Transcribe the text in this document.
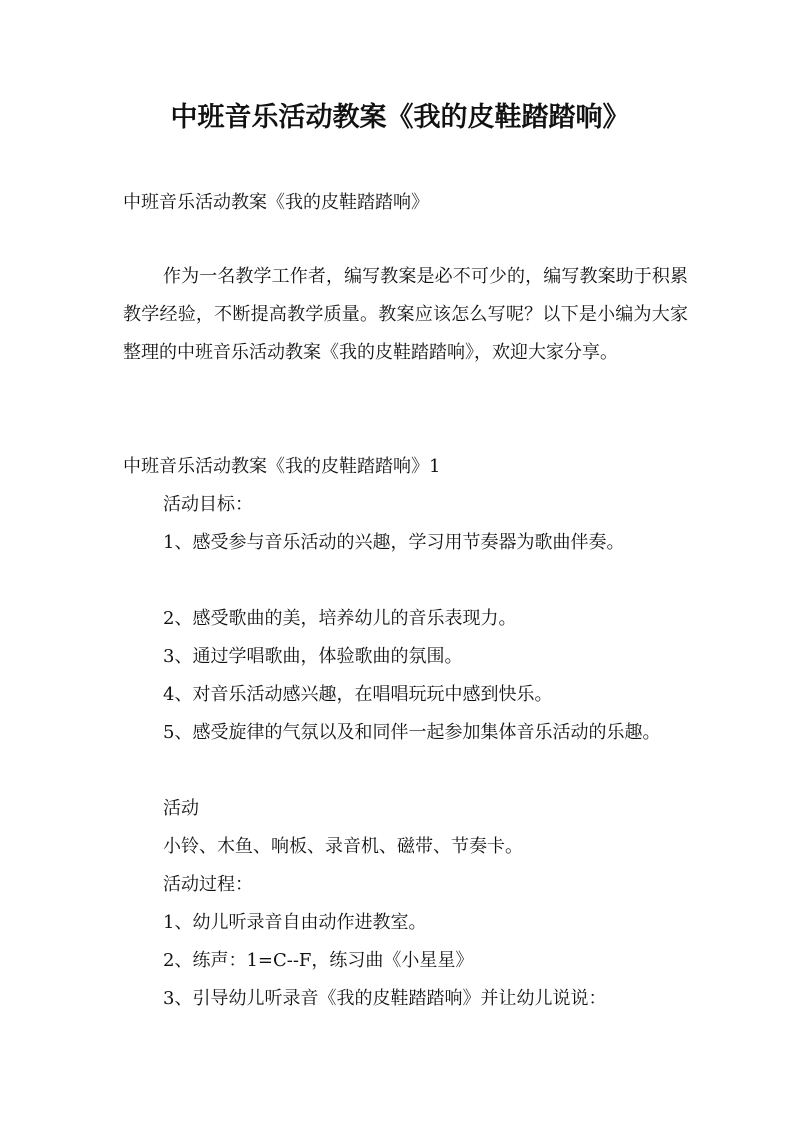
中班音乐活动教案《我的皮鞋踏踏响》
中班音乐活动教案《我的皮鞋踏踏响》
作为一名教学工作者，编写教案是必不可少的，编写教案助于积累教学经验，不断提高教学质量。教案应该怎么写呢？以下是小编为大家整理的中班音乐活动教案《我的皮鞋踏踏响》，欢迎大家分享。
中班音乐活动教案《我的皮鞋踏踏响》1
活动目标：
1、感受参与音乐活动的兴趣，学习用节奏器为歌曲伴奏。
2、感受歌曲的美，培养幼儿的音乐表现力。
3、通过学唱歌曲，体验歌曲的氛围。
4、对音乐活动感兴趣，在唱唱玩玩中感到快乐。
5、感受旋律的气氛以及和同伴一起参加集体音乐活动的乐趣。
活动
小铃、木鱼、响板、录音机、磁带、节奏卡。
活动过程：
1、幼儿听录音自由动作进教室。
2、练声：1=C--F，练习曲《小星星》
3、引导幼儿听录音《我的皮鞋踏踏响》并让幼儿说说：
